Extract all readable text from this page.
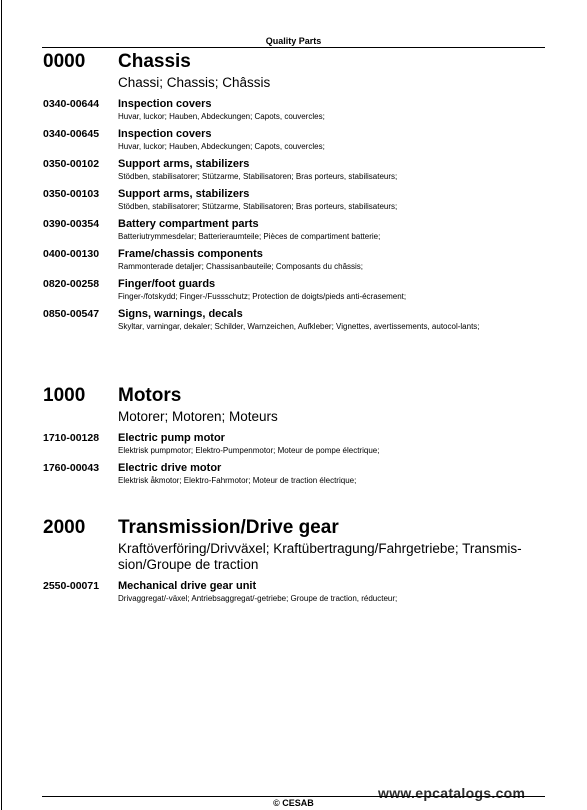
Quality Parts
0000 Chassis
Chassi; Chassis; Châssis
0340-00644 Inspection covers
Huvar, luckor; Hauben, Abdeckungen; Capots, couvercles;
0340-00645 Inspection covers
Huvar, luckor; Hauben, Abdeckungen; Capots, couvercles;
0350-00102 Support arms, stabilizers
Stödben, stabilisatorer; Stützarme, Stabilisatoren; Bras porteurs, stabilisateurs;
0350-00103 Support arms, stabilizers
Stödben, stabilisatorer; Stützarme, Stabilisatoren; Bras porteurs, stabilisateurs;
0390-00354 Battery compartment parts
Batteriutrymmesdelar; Batterieraumteile; Pièces de compartiment batterie;
0400-00130 Frame/chassis components
Rammonterade detaljer; Chassisanbauteile; Composants du châssis;
0820-00258 Finger/foot guards
Finger-/fotskydd; Finger-/Fussschutz; Protection de doigts/pieds anti-écrasement;
0850-00547 Signs, warnings, decals
Skyltar, varningar, dekaler; Schilder, Warnzeichen, Aufkleber; Vignettes, avertissements, autocol-lants;
1000 Motors
Motorer; Motoren; Moteurs
1710-00128 Electric pump motor
Elektrisk pumpmotor; Elektro-Pumpenmotor; Moteur de pompe électrique;
1760-00043 Electric drive motor
Elektrisk åkmotor; Elektro-Fahrmotor; Moteur de traction électrique;
2000 Transmission/Drive gear
Kraftöverföring/Drivväxel; Kraftübertragung/Fahrgetriebe; Transmis-sion/Groupe de traction
2550-00071 Mechanical drive gear unit
Drivaggregat/-växel; Antriebsaggregat/-getriebe; Groupe de traction, réducteur;
www.epcatalogs.com
© CESAB
